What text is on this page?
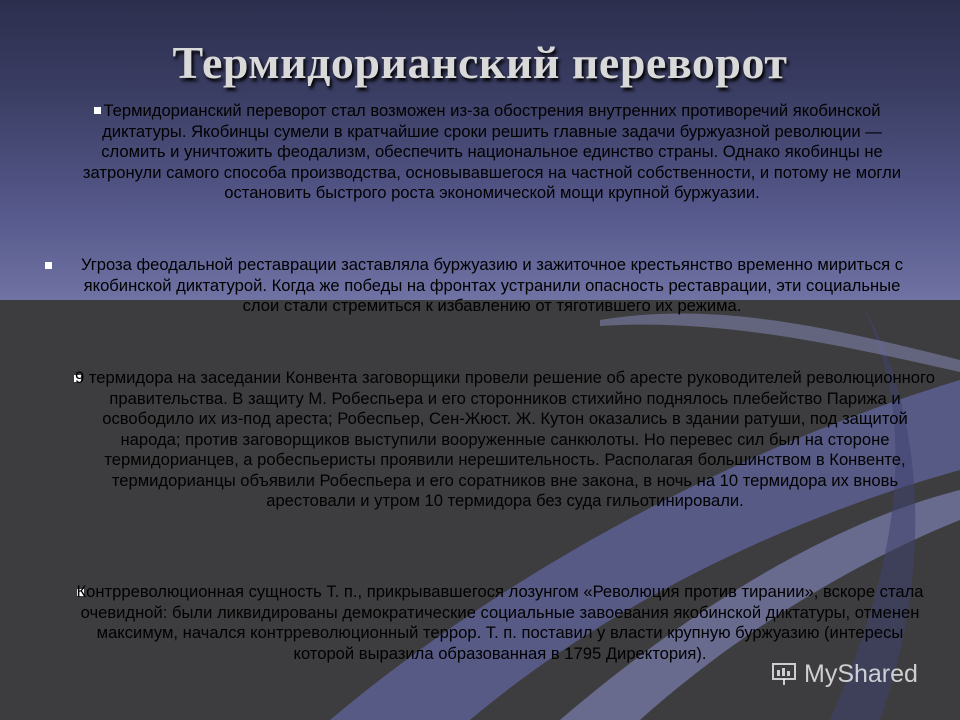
Термидорианский переворот
Термидорианский переворот стал возможен из-за обострения внутренних противоречий якобинской диктатуры. Якобинцы сумели в кратчайшие сроки решить главные задачи буржуазной революции — сломить и уничтожить феодализм, обеспечить национальное единство страны. Однако якобинцы не затронули самого способа производства, основывавшегося на частной собственности, и потому не могли остановить быстрого роста экономической мощи крупной буржуазии.
Угроза феодальной реставрации заставляла буржуазию и зажиточное крестьянство временно мириться с якобинской диктатурой. Когда же победы на фронтах устранили опасность реставрации, эти социальные слои стали стремиться к избавлению от тяготившего их режима.
9 термидора на заседании Конвента заговорщики провели решение об аресте руководителей революционного правительства. В защиту М. Робеспьера и его сторонников стихийно поднялось плебейство Парижа и освободило их из-под ареста; Робеспьер, Сен-Жюст. Ж. Кутон оказались в здании ратуши, под защитой народа; против заговорщиков выступили вооруженные санкюлоты. Но перевес сил был на стороне термидорианцев, а робеспьеристы проявили нерешительность. Располагая большинством в Конвенте, термидорианцы объявили Робеспьера и его соратников вне закона, в ночь на 10 термидора их вновь арестовали и утром 10 термидора без суда гильотинировали.
Контрреволюционная сущность Т. п., прикрывавшегося лозунгом «Революция против тирании», вскоре стала очевидной: были ликвидированы демократические социальные завоевания якобинской диктатуры, отменен максимум, начался контрреволюционный террор. Т. п. поставил у власти крупную буржуазию (интересы которой выразила образованная в 1795 Директория).
MyShared
